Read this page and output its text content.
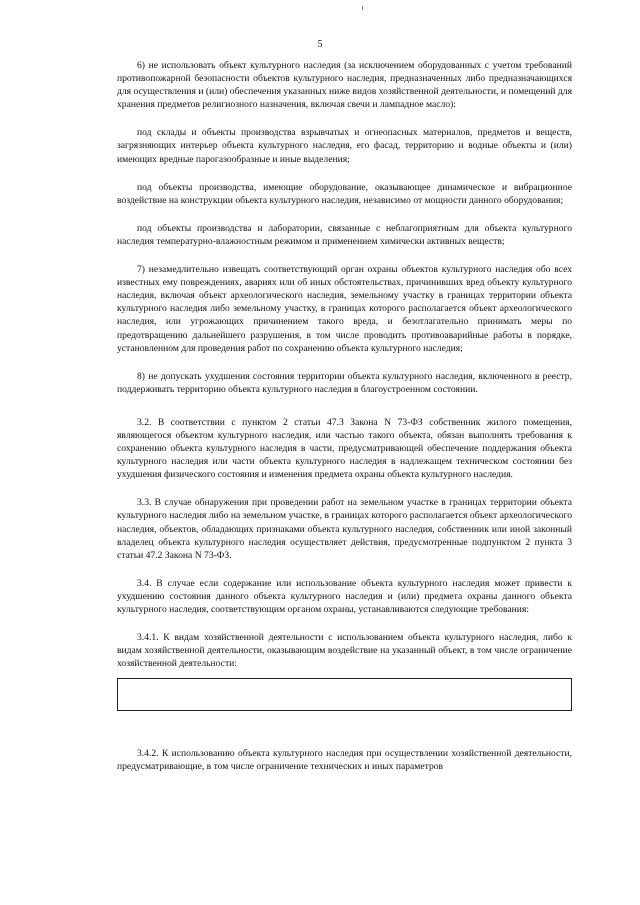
5

6) не использовать объект культурного наследия (за исключением оборудованных с учетом требований противопожарной безопасности объектов культурного наследия, предназначенных либо предназначающихся для осуществления и (или) обеспечения указанных ниже видов хозяйственной деятельности, и помещений для хранения предметов религиозного назначения, включая свечи и лампадное масло):

под склады и объекты производства взрывчатых и огнеопасных материалов, предметов и веществ, загрязняющих интерьер объекта культурного наследия, его фасад, территорию и водные объекты и (или) имеющих вредные парогазообразные и иные выделения;

под объекты производства, имеющие оборудование, оказывающее динамическое и вибрационное воздействие на конструкции объекта культурного наследия, независимо от мощности данного оборудования;

под объекты производства и лаборатории, связанные с неблагоприятным для объекта культурного наследия температурно-влажностным режимом и применением химически активных веществ;

7) незамедлительно извещать соответствующий орган охраны объектов культурного наследия обо всех известных ему повреждениях, авариях или об иных обстоятельствах, причинивших вред объекту культурного наследия, включая объект археологического наследия, земельному участку в границах территории объекта культурного наследия либо земельному участку, в границах которого располагается объект археологического наследия, или угрожающих причинением такого вреда, и безотлагательно принимать меры по предотвращению дальнейшего разрушения, в том числе проводить противоаварийные работы в порядке, установленном для проведения работ по сохранению объекта культурного наследия;

8) не допускать ухудшения состояния территории объекта культурного наследия, включенного в реестр, поддерживать территорию объекта культурного наследия в благоустроенном состоянии.

3.2. В соответствии с пунктом 2 статьи 47.3 Закона N 73-ФЗ собственник жилого помещения, являющегося объектом культурного наследия, или частью такого объекта, обязан выполнять требования к сохранению объекта культурного наследия в части, предусматривающей обеспечение поддержания объекта культурного наследия или части объекта культурного наследия в надлежащем техническом состоянии без ухудшения физического состояния и изменения предмета охраны объекта культурного наследия.

3.3. В случае обнаружения при проведении работ на земельном участке в границах территории объекта культурного наследия либо на земельном участке, в границах которого располагается объект археологического наследия, объектов, обладающих признаками объекта культурного наследия, собственник или иной законный владелец объекта культурного наследия осуществляет действия, предусмотренные подпунктом 2 пункта 3 статьи 47.2 Закона N 73-ФЗ.

3.4. В случае если содержание или использование объекта культурного наследия может привести к ухудшению состояния данного объекта культурного наследия и (или) предмета охраны данного объекта культурного наследия, соответствующим органом охраны, устанавливаются следующие требования:

3.4.1. К видам хозяйственной деятельности с использованием объекта культурного наследия, либо к видам хозяйственной деятельности, оказывающим воздействие на указанный объект, в том числе ограничение хозяйственной деятельности:

3.4.2. К использованию объекта культурного наследия при осуществлении хозяйственной деятельности, предусматривающие, в том числе ограничение технических и иных параметров
